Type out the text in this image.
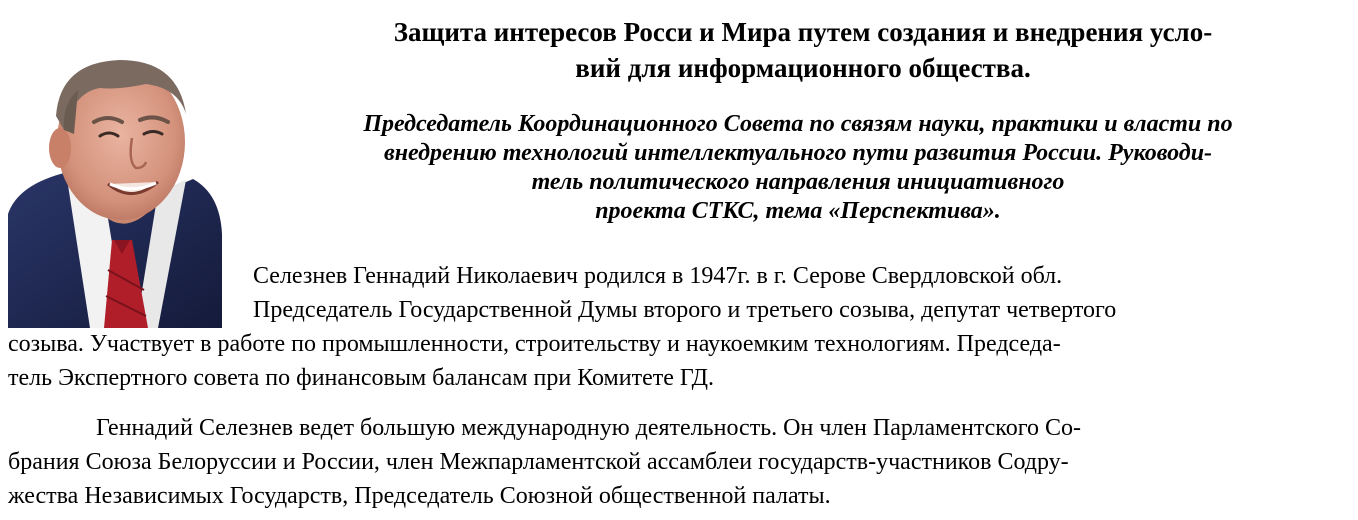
Защита интересов Росси и Мира путем создания и внедрения усло-
вий для информационного общества.
Председатель Координационного Совета по связям науки, практики и власти по
внедрению технологий интеллектуального пути развития России. Руководи-
тель политического направления инициативного
проекта СТКС, тема «Перспектива».

Селезнев Геннадий Николаевич родился в 1947г. в г. Серове Свердловской обл.

Председатель Государственной Думы второго и третьего созыва, депутат четвертого

созыва. Участвует в работе по промышленности, строительству и наукоемким технологиям. Председа-

тель Экспертного совета по финансовым балансам при Комитете ГД.

Геннадий Селезнев ведет большую международную деятельность. Он член Парламентского Со-

брания Союза Белоруссии и России, член Межпарламентской ассамблеи государств-участников Содру-

жества Независимых Государств, Председатель Союзной общественной палаты.
